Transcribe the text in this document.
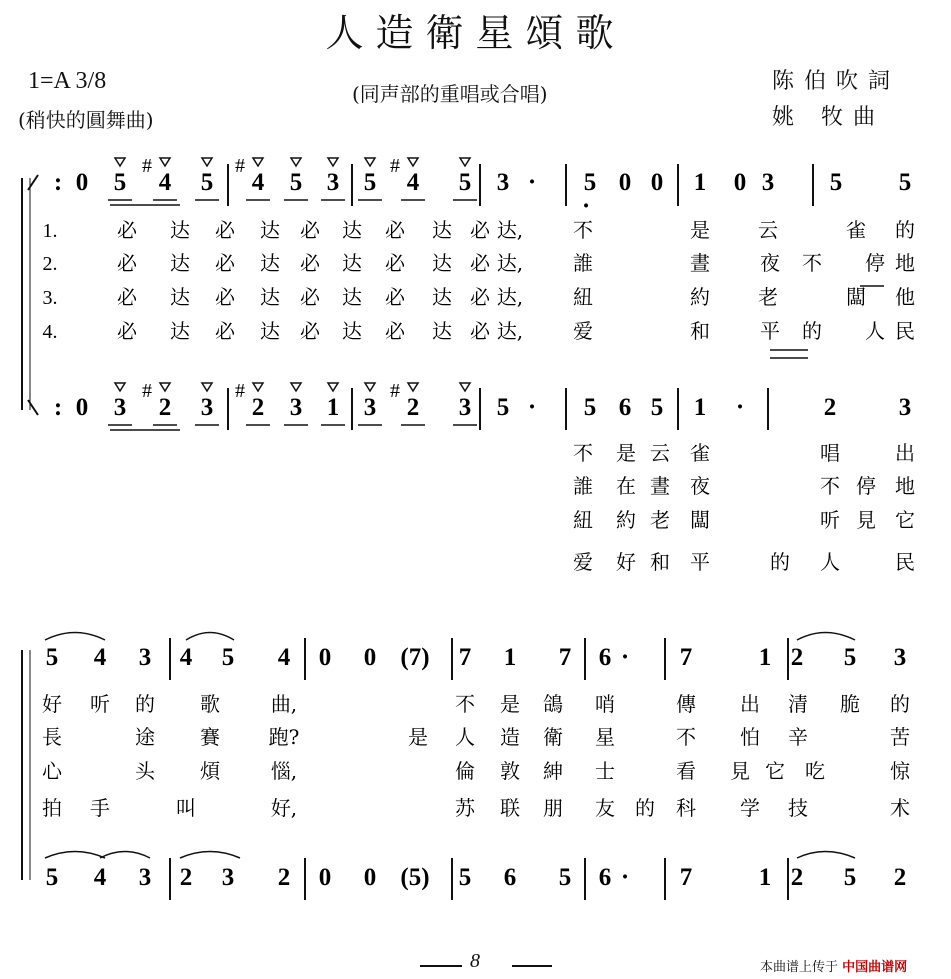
人造衛星頌歌
1=A 3/8
(稍快的圓舞曲)
(同声部的重唱或合唱)	陈伯吹詞
姚 牧曲
0 5 4
#
5 4
#
5 3 5 4
#
5 3 · 5 0 0 1 0 3 5 5
·
:
1.	必 达 必 达 必 达 必 达 必 达, 不	是 云	雀 的
2.	必 达 必 达 必 达 必 达 必 达, 誰	晝	夜 不 停 地
3.	必 达 必 达 必 达 必 达 必 达, 紐	約 老	闆 他
4.	必 达 必 达 必 达 必 达 必 达, 爱	和	平 的 人 民
0 3 2
#
3 2
#
3 1 3 2
#
3 5 · 5 6 5 1 ·	2	3
:
不 是 云 雀	唱	出
誰 在 晝 夜	不 停 地
紐 約 老 闆	听 見 它
爱 好 和 平	的 人	民
5 4 3 4 5 4 0 0 (7) 7 1 7 6 · 7	1 2 5 3
好 听 的 歌	曲,	不 是 鴿 哨	傳 出 清 脆 的
長	途 賽 跑?	是 人 造 衛 星	不 怕 辛	苦
心	头 煩	惱,	倫 敦 紳 士	看 見 它 吃	惊
拍 手	叫	好,	苏 联 朋 友 的 科 学 技	术
5 4 3 2 3 2 0 0 (5) 5 6 5 6 · 7	1 2 5 2
8	本曲谱上传于 中国曲谱网
